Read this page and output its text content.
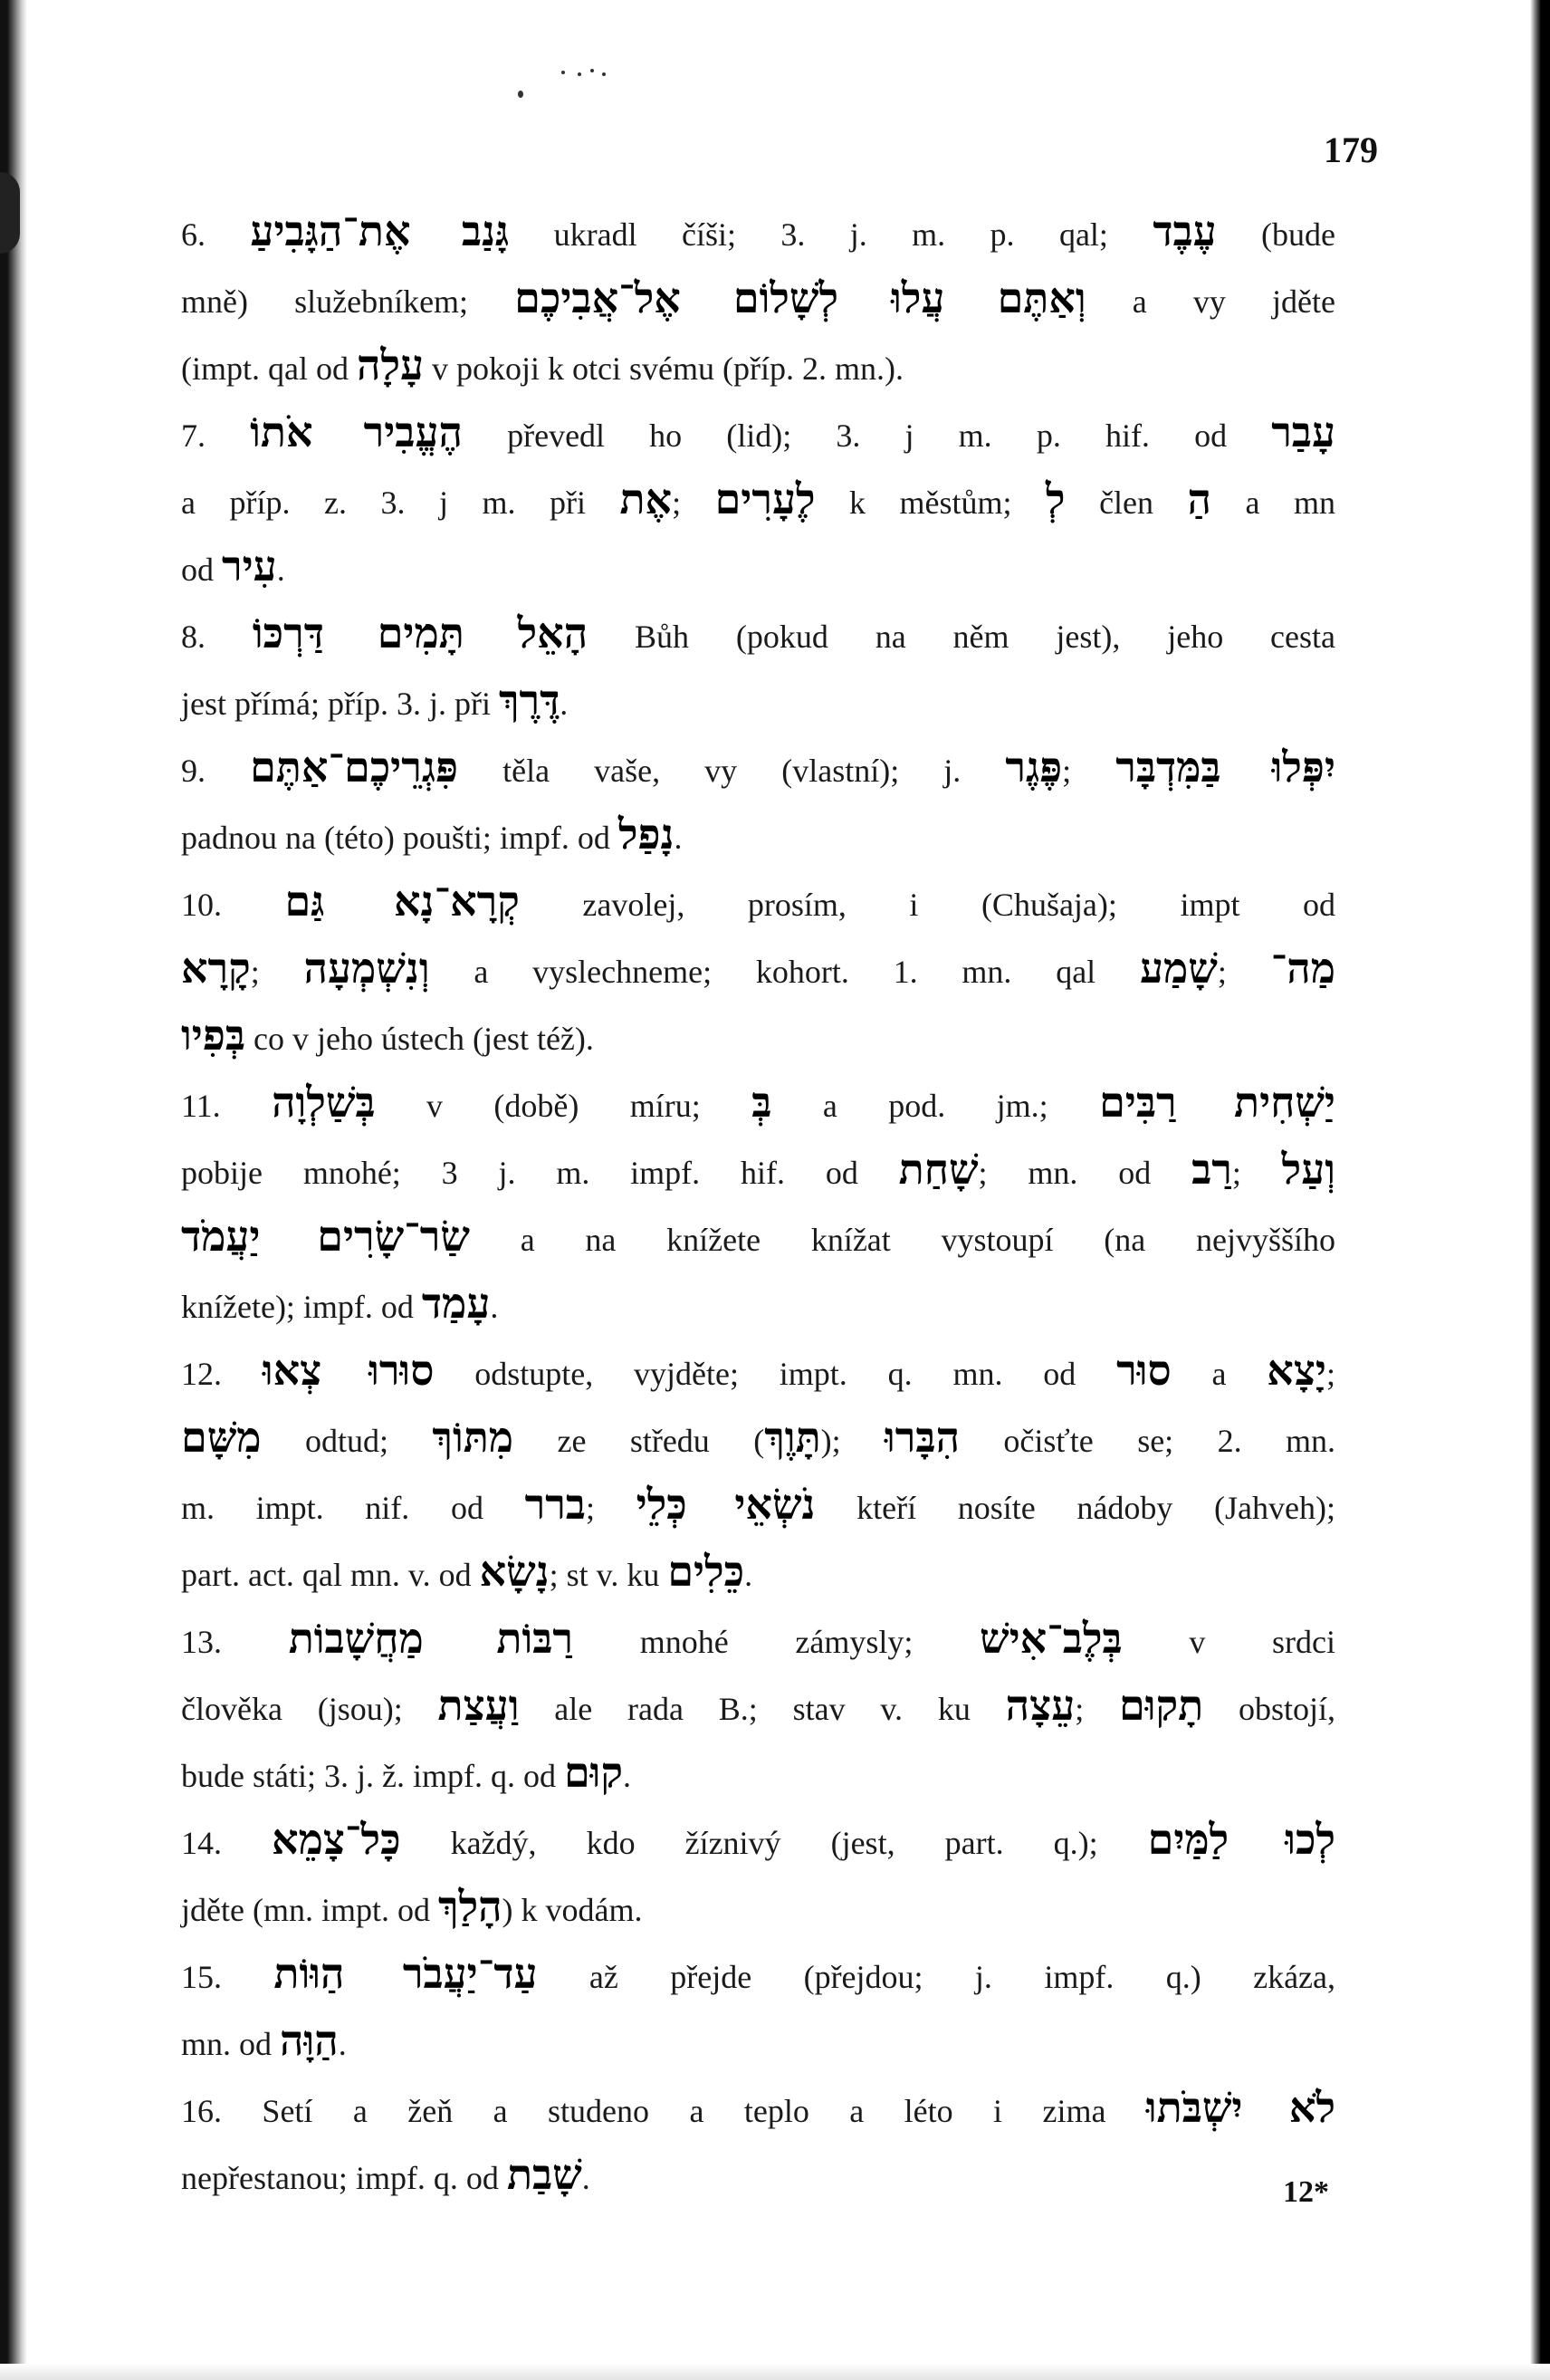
179
6. גָּנַב אֶת־הַגָּבִיעַ ukradl číši; 3. j. m. p. qal; עֶבֶד (bude
mně) služebníkem; וְאַתֶּם עֲלוּ לְשָׁלוֹם אֶל־אֲבִיכֶם a vy jděte
(impt. qal od עָלָה v pokoji k otci svému (příp. 2. mn.).
7. הֶעֱבִיר אֹתוֹ převedl ho (lid); 3. j m. p. hif. od עָבַר
a příp. z. 3. j m. při אֶת; לֶעָרִים k městům; לְ člen הַ a mn
od עִיר.
8. הָאֵל תָּמִים דַּרְכּוֹ Bůh (pokud na něm jest), jeho cesta
jest přímá; příp. 3. j. při דֶּרֶךְ.
9. פִּגְרֵיכֶם־אַתֶּם těla vaše, vy (vlastní); j. פֶּגֶר; יִפְּלוּ בַּמִּדְבָּר
padnou na (této) poušti; impf. od נָפַל.
10. קְרָא־נָא גַּם zavolej, prosím, i (Chušaja); impt od
קָרָא; וְנִשְׁמְעָה a vyslechneme; kohort. 1. mn. qal שָׁמַע; מַה־
בְּפִיו co v jeho ústech (jest též).
11. בְּשַׁלְוָה v (době) míru; בְּ a pod. jm.; יַשְׁחִית רַבִּים
pobije mnohé; 3 j. m. impf. hif. od שָׁחַת; mn. od רַב; וְעַל
שַׂר־שָׂרִים יַעֲמֹד a na knížete knížat vystoupí (na nejvyššího
knížete); impf. od עָמַד.
12. סוּרוּ צְאוּ odstupte, vyjděte; impt. q. mn. od סוּר a יָצָא;
מִשָּׁם odtud; מִתּוֹךְ ze středu (תָּוֶךְ); הִבָּרוּ očisťte se; 2. mn.
m. impt. nif. od ברר; נֹשְׂאֵי כְּלֵי kteří nosíte nádoby (Jahveh);
part. act. qal mn. v. od נָשָׂא; st v. ku כֵּלִים.
13. רַבּוֹת מַחֲשָׁבוֹת mnohé zámysly; בְּלֶב־אִישׁ v srdci
člověka (jsou); וַעֲצַת ale rada B.; stav v. ku עֵצָה; תָקוּם obstojí,
bude státi; 3. j. ž. impf. q. od קוּם.
14. כָּל־צָמֵא každý, kdo žíznivý (jest, part. q.); לְכוּ לַמַּיִם
jděte (mn. impt. od הָלַךְ) k vodám.
15. עַד־יַעֲבֹר הַוּוֹת až přejde (přejdou; j. impf. q.) zkáza,
mn. od הַוָּה.
16. Setí a žeň a studeno a teplo a léto i zima לֹא יִשְׁבֹּתוּ
nepřestanou; impf. q. od שָׁבַת.	12*
